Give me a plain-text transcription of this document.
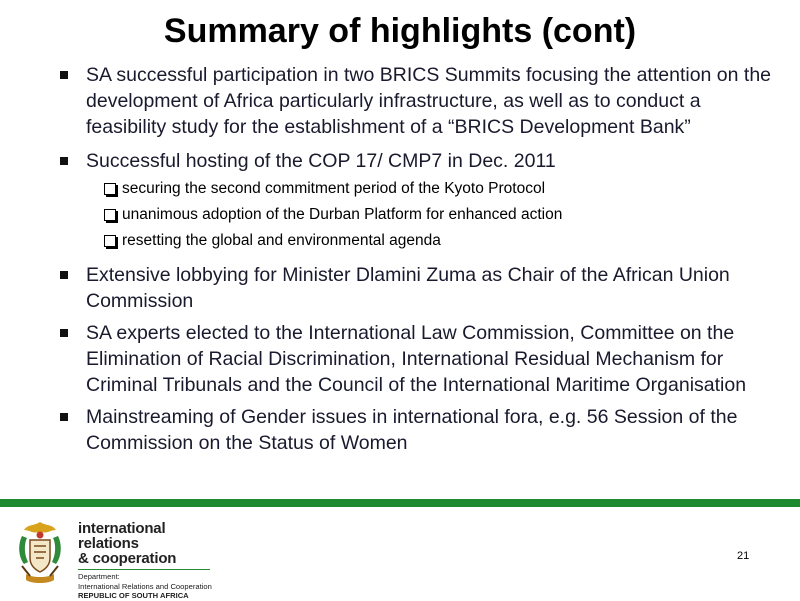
Summary of highlights (cont)
SA successful participation in two BRICS Summits focusing the attention on the development of Africa particularly infrastructure, as well as to conduct a feasibility study for the establishment of a “BRICS Development Bank”
Successful hosting of the COP 17/ CMP7 in Dec. 2011
securing the second commitment period of the Kyoto Protocol
unanimous adoption of the Durban Platform for enhanced action
resetting the global and environmental agenda
Extensive lobbying for Minister Dlamini Zuma as Chair of the African Union Commission
SA experts elected to the International Law Commission, Committee on the Elimination of Racial Discrimination, International Residual Mechanism for Criminal Tribunals and the Council of the International Maritime Organisation
Mainstreaming of Gender issues in international fora, e.g. 56 Session of the Commission on the Status of Women
international relations
& cooperation
Department:
International Relations and Cooperation
REPUBLIC OF SOUTH AFRICA
21
